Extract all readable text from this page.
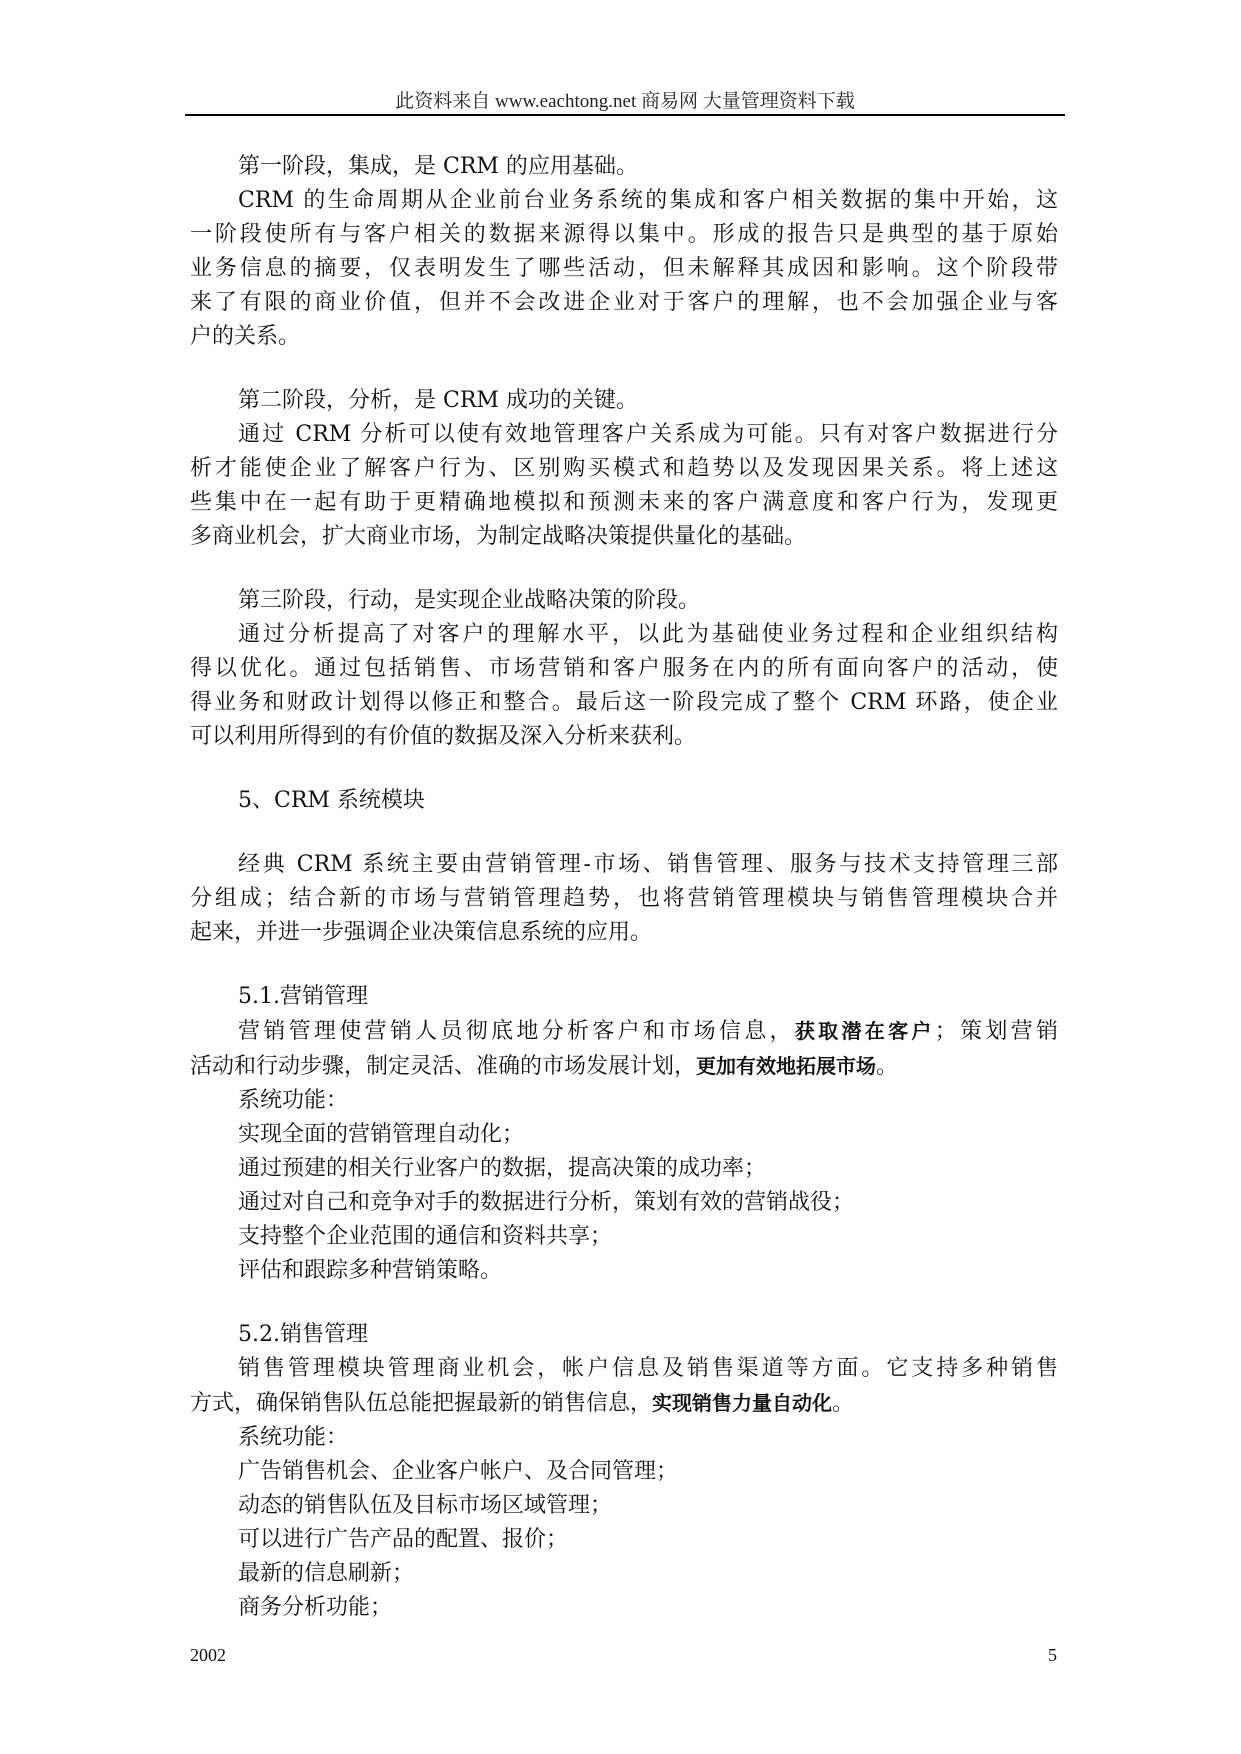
此资料来自 www.eachtong.net 商易网 大量管理资料下载
第一阶段，集成，是 CRM 的应用基础。
CRM 的生命周期从企业前台业务系统的集成和客户相关数据的集中开始，这
一阶段使所有与客户相关的数据来源得以集中。形成的报告只是典型的基于原始
业务信息的摘要，仅表明发生了哪些活动，但未解释其成因和影响。这个阶段带
来了有限的商业价值，但并不会改进企业对于客户的理解，也不会加强企业与客
户的关系。
第二阶段，分析，是 CRM 成功的关键。
通过 CRM 分析可以使有效地管理客户关系成为可能。只有对客户数据进行分
析才能使企业了解客户行为、区别购买模式和趋势以及发现因果关系。将上述这
些集中在一起有助于更精确地模拟和预测未来的客户满意度和客户行为，发现更
多商业机会，扩大商业市场，为制定战略决策提供量化的基础。
第三阶段，行动，是实现企业战略决策的阶段。
通过分析提高了对客户的理解水平，以此为基础使业务过程和企业组织结构
得以优化。通过包括销售、市场营销和客户服务在内的所有面向客户的活动，使
得业务和财政计划得以修正和整合。最后这一阶段完成了整个 CRM 环路，使企业
可以利用所得到的有价值的数据及深入分析来获利。
5、CRM 系统模块
经典 CRM 系统主要由营销管理-市场、销售管理、服务与技术支持管理三部
分组成；结合新的市场与营销管理趋势，也将营销管理模块与销售管理模块合并
起来，并进一步强调企业决策信息系统的应用。
5.1.营销管理
营销管理使营销人员彻底地分析客户和市场信息，获取潜在客户；策划营销
活动和行动步骤，制定灵活、准确的市场发展计划，更加有效地拓展市场。
系统功能：
实现全面的营销管理自动化；
通过预建的相关行业客户的数据，提高决策的成功率；
通过对自己和竞争对手的数据进行分析，策划有效的营销战役；
支持整个企业范围的通信和资料共享；
评估和跟踪多种营销策略。
5.2.销售管理
销售管理模块管理商业机会，帐户信息及销售渠道等方面。它支持多种销售
方式，确保销售队伍总能把握最新的销售信息，实现销售力量自动化。
系统功能：
广告销售机会、企业客户帐户、及合同管理；
动态的销售队伍及目标市场区域管理；
可以进行广告产品的配置、报价；
最新的信息刷新；
商务分析功能；
2002	5
